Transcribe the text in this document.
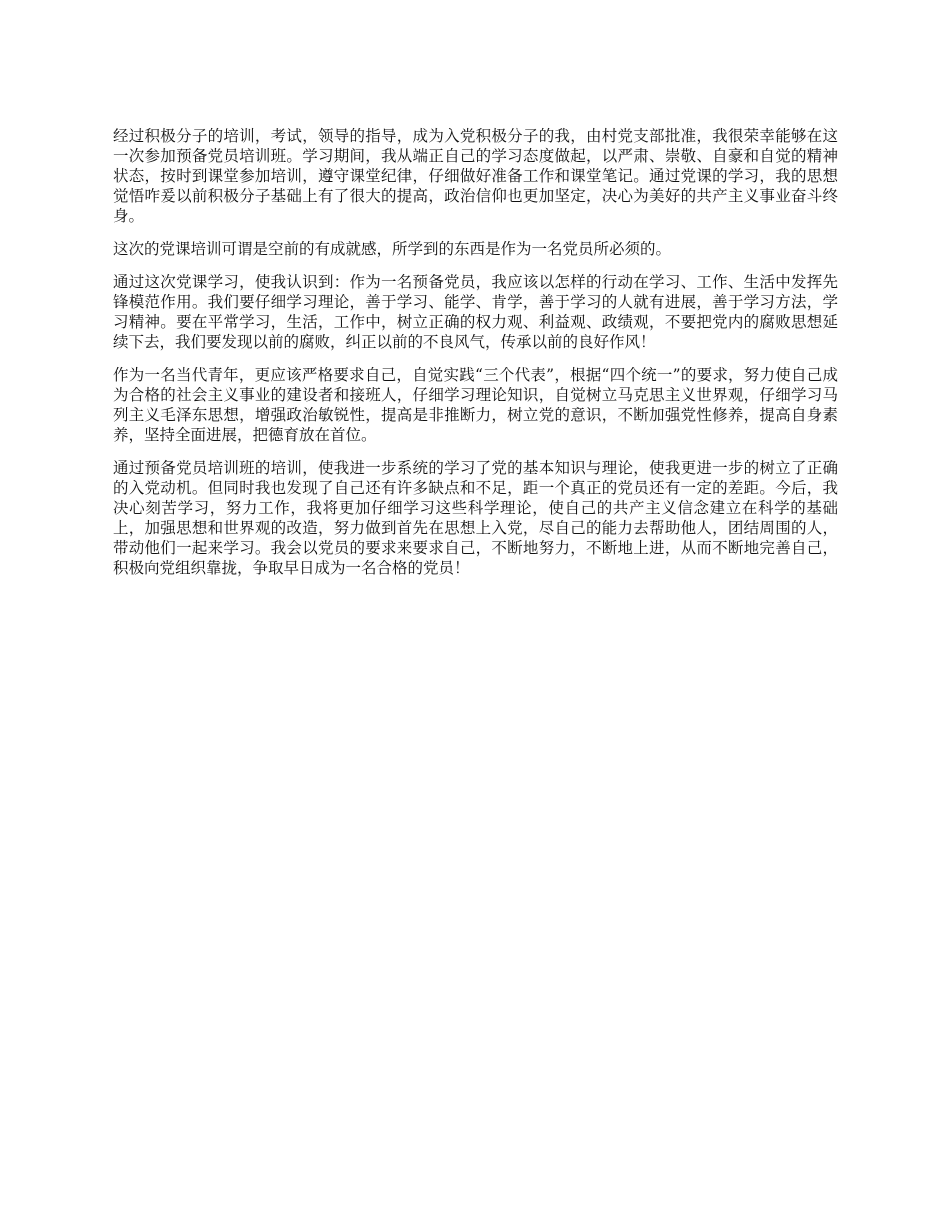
经过积极分子的培训，考试，领导的指导，成为入党积极分子的我，由村党支部批准，我很荣幸能够在这一次参加预备党员培训班。学习期间，我从端正自己的学习态度做起，以严肃、崇敬、自豪和自觉的精神状态，按时到课堂参加培训，遵守课堂纪律，仔细做好准备工作和课堂笔记。通过党课的学习，我的思想觉悟咋爰以前积极分子基础上有了很大的提高，政治信仰也更加坚定，决心为美好的共产主义事业奋斗终身。

这次的党课培训可谓是空前的有成就感，所学到的东西是作为一名党员所必须的。

通过这次党课学习，使我认识到：作为一名预备党员，我应该以怎样的行动在学习、工作、生活中发挥先锋模范作用。我们要仔细学习理论，善于学习、能学、肯学，善于学习的人就有进展，善于学习方法，学习精神。要在平常学习，生活，工作中，树立正确的权力观、利益观、政绩观，不要把党内的腐败思想延续下去，我们要发现以前的腐败，纠正以前的不良风气，传承以前的良好作风！

作为一名当代青年，更应该严格要求自己，自觉实践“三个代表”，根据“四个统一”的要求，努力使自己成为合格的社会主义事业的建设者和接班人，仔细学习理论知识，自觉树立马克思主义世界观，仔细学习马列主义毛泽东思想，增强政治敏锐性，提高是非推断力，树立党的意识，不断加强党性修养，提高自身素养，坚持全面进展，把德育放在首位。

通过预备党员培训班的培训，使我进一步系统的学习了党的基本知识与理论，使我更进一步的树立了正确的入党动机。但同时我也发现了自己还有许多缺点和不足，距一个真正的党员还有一定的差距。今后，我决心刻苦学习，努力工作，我将更加仔细学习这些科学理论，使自己的共产主义信念建立在科学的基础上，加强思想和世界观的改造，努力做到首先在思想上入党，尽自己的能力去帮助他人，团结周围的人，带动他们一起来学习。我会以党员的要求来要求自己，不断地努力，不断地上进，从而不断地完善自己，积极向党组织靠拢，争取早日成为一名合格的党员！
